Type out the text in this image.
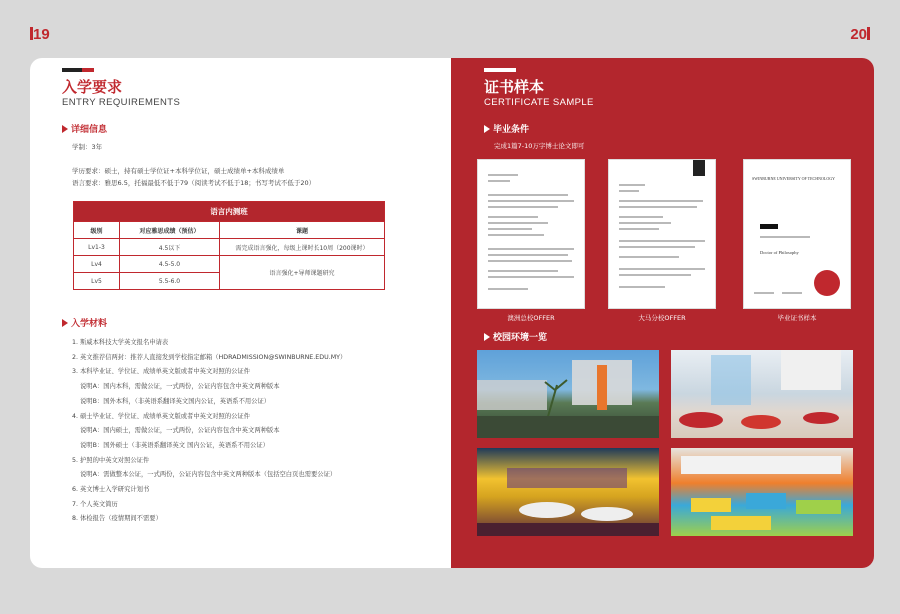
19	20
入学要求
ENTRY REQUIREMENTS
详细信息
学制：3年
学历要求：硕士，持有硕士学位证+本科学位证，硕士成绩单+本科成绩单
语言要求：雅思6.5，托福最低不低于79（阅读考试不低于18；书写考试不低于20）
语言内测班		
级别	对应雅思成绩（预估）	课题
Lv1-3	4.5以下	需完成语言强化，每级上课时长10周（200课时）
Lv4	4.5-5.0	语言强化+导师课题研究
Lv5	5.5-6.0	
入学材料
1. 斯威本科技大学英文报名申请表
2. 英文推荐信两封：推荐人直接发到学校指定邮箱（HDRADMISSION@SWINBURNE.EDU.MY）
3. 本科毕业证、学位证、成绩单英文版或者中英文对照的公证件
说明A：国内本科，需做公证，一式两份，公证内容包含中英文两种版本
说明B：国外本科，（非英语系翻译英文国内公证，英语系不用公证）
4. 硕士毕业证、学位证、成绩单英文版或者中英文对照的公证件
说明A：国内硕士，需做公证，一式两份，公证内容包含中英文两种版本
说明B：国外硕士（非英语系翻译英文 国内公证，英语系不用公证）
5. 护照的中英文对照公证件
说明A：需做整本公证，一式两份，公证内容包含中英文两种版本（包括空白页也需要公证）
6. 英文博士入学研究计划书
7. 个人英文简历
8. 体检报告（疫情期间不需要）
证书样本
CERTIFICATE SAMPLE
毕业条件
完成1篇7-10万字博士论文即可
澳洲总校OFFER	大马分校OFFER
SWINBURNE UNIVERSITY OF TECHNOLOGY
Doctor of Philosophy
毕业证书样本
校园环境一览
